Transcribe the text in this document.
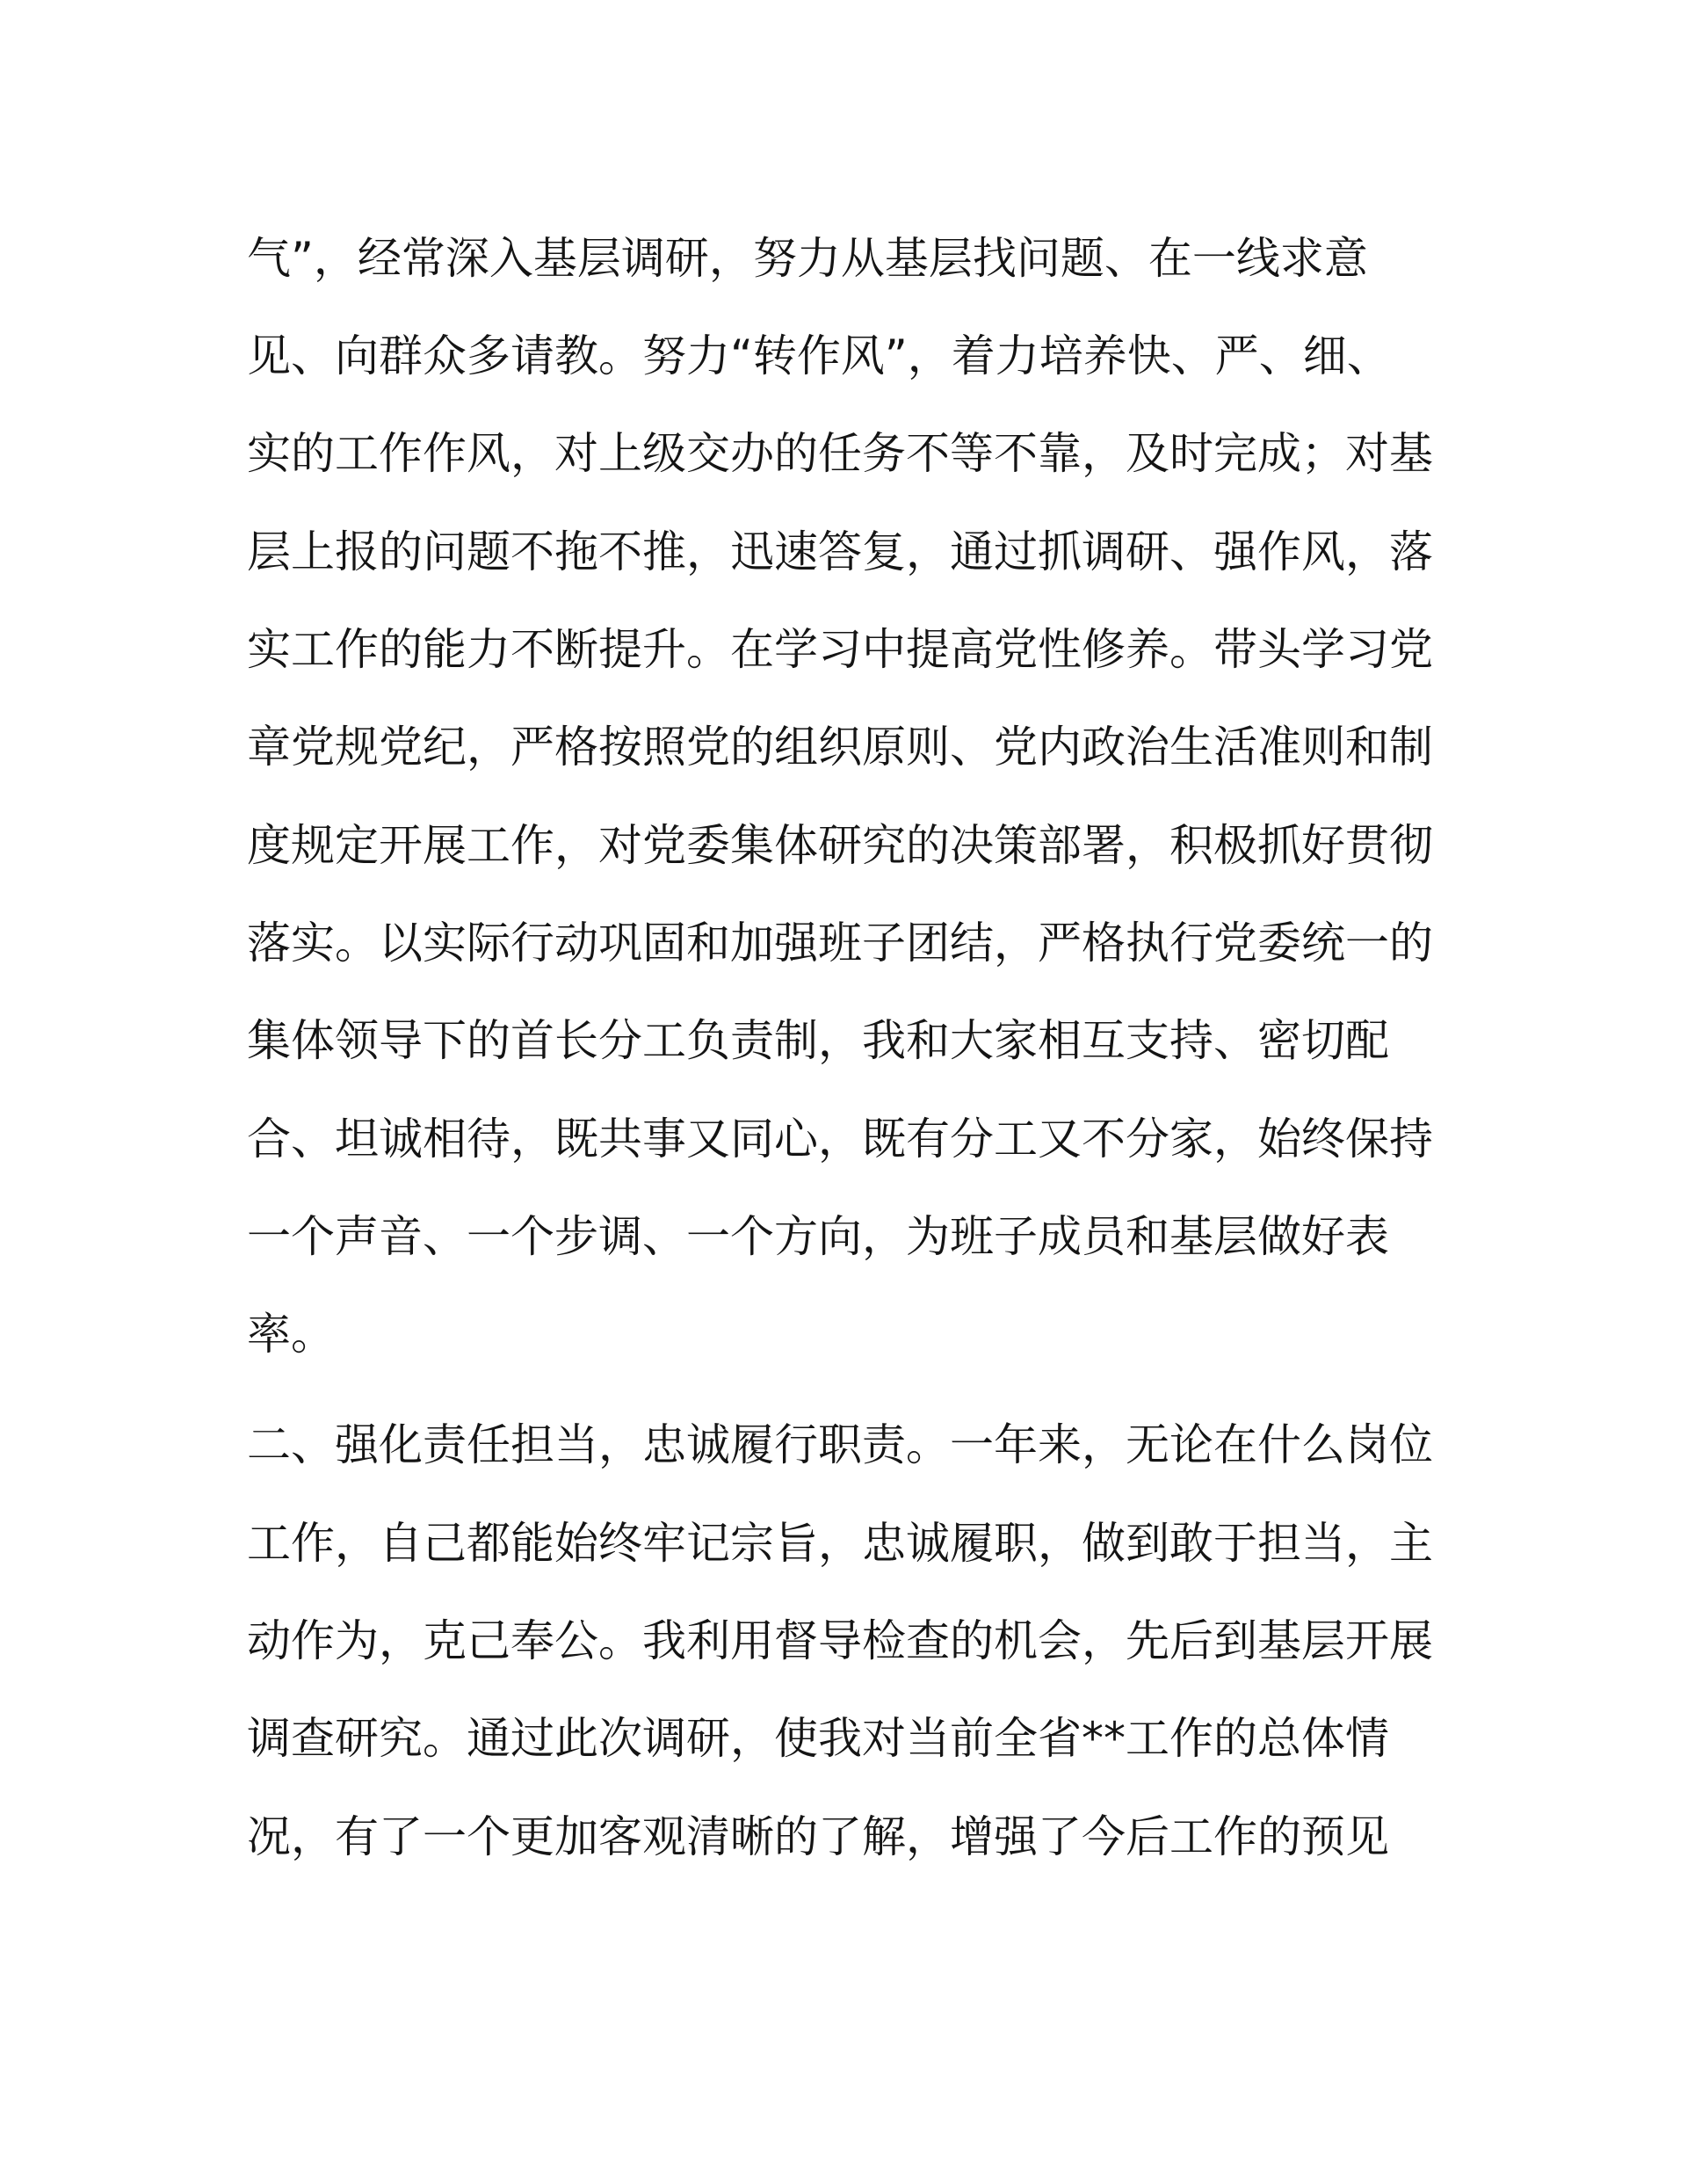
气”，经常深入基层调研，努力从基层找问题、在一线求意
见、向群众多请教。努力“转作风”，着力培养快、严、细、
实的工作作风，对上级交办的任务不等不靠，及时完成；对基
层上报的问题不拖不推，迅速答复，通过抓调研、强作风，落
实工作的能力不断提升。在学习中提高党性修养。带头学习党
章党规党纪，严格按照党的组织原则、党内政治生活准则和制
度规定开展工作，对党委集体研究的决策部署，积极抓好贯彻
落实。以实际行动巩固和加强班子团结，严格执行党委统一的
集体领导下的首长分工负责制，我和大家相互支持、密切配
合、坦诚相待，既共事又同心，既有分工又不分家，始终保持
一个声音、一个步调、一个方向，为班子成员和基层做好表
率。
二、强化责任担当，忠诚履行职责。一年来，无论在什么岗位
工作，自己都能始终牢记宗旨，忠诚履职，做到敢于担当，主
动作为，克己奉公。我利用督导检查的机会，先后到基层开展
调查研究。通过此次调研，使我对当前全省**工作的总体情
况，有了一个更加客观清晰的了解，增强了今后工作的预见
